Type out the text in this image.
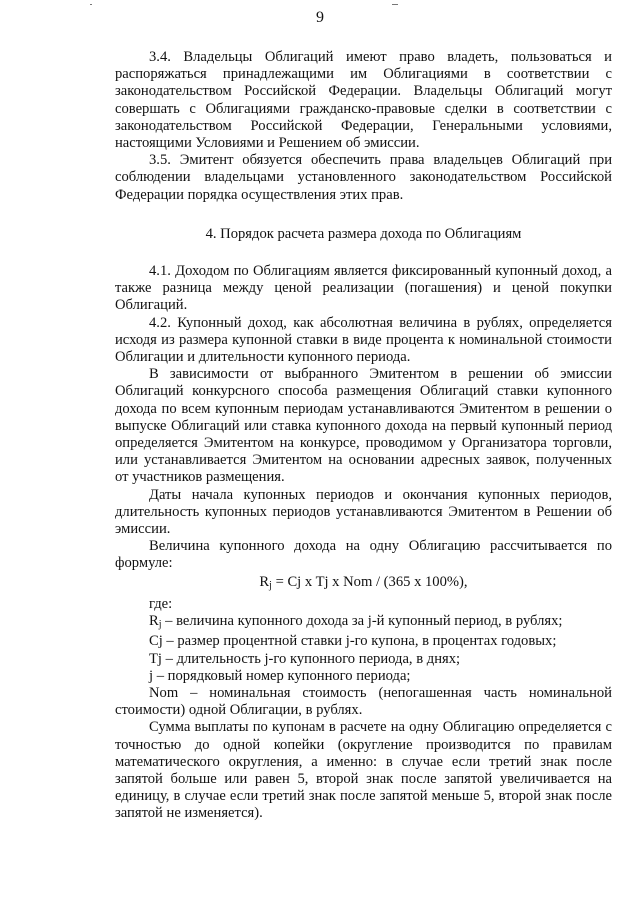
9

3.4. Владельцы Облигаций имеют право владеть, пользоваться и распоряжаться принадлежащими им Облигациями в соответствии с законодательством Российской Федерации. Владельцы Облигаций могут совершать с Облигациями гражданско-правовые сделки в соответствии с законодательством Российской Федерации, Генеральными условиями, настоящими Условиями и Решением об эмиссии.

3.5. Эмитент обязуется обеспечить права владельцев Облигаций при соблюдении владельцами установленного законодательством Российской Федерации порядка осуществления этих прав.

4. Порядок расчета размера дохода по Облигациям

4.1. Доходом по Облигациям является фиксированный купонный доход, а также разница между ценой реализации (погашения) и ценой покупки Облигаций.

4.2. Купонный доход, как абсолютная величина в рублях, определяется исходя из размера купонной ставки в виде процента к номинальной стоимости Облигации и длительности купонного периода.

В зависимости от выбранного Эмитентом в решении об эмиссии Облигаций конкурсного способа размещения Облигаций ставки купонного дохода по всем купонным периодам устанавливаются Эмитентом в решении о выпуске Облигаций или ставка купонного дохода на первый купонный период определяется Эмитентом на конкурсе, проводимом у Организатора торговли, или устанавливается Эмитентом на основании адресных заявок, полученных от участников размещения.

Даты начала купонных периодов и окончания купонных периодов, длительность купонных периодов устанавливаются Эмитентом в Решении об эмиссии.

Величина купонного дохода на одну Облигацию рассчитывается по формуле:

$R_j = Cj$ x Tj x Nom / (365 x 100%),

где:

$R_j$ – величина купонного дохода за j-й купонный период, в рублях;

Cj – размер процентной ставки j-го купона, в процентах годовых;

Tj – длительность j-го купонного периода, в днях;

j – порядковый номер купонного периода;

Nom – номинальная стоимость (непогашенная часть номинальной стоимости) одной Облигации, в рублях.

Сумма выплаты по купонам в расчете на одну Облигацию определяется с точностью до одной копейки (округление производится по правилам математического округления, а именно: в случае если третий знак после запятой больше или равен 5, второй знак после запятой увеличивается на единицу, в случае если третий знак после запятой меньше 5, второй знак после запятой не изменяется).
